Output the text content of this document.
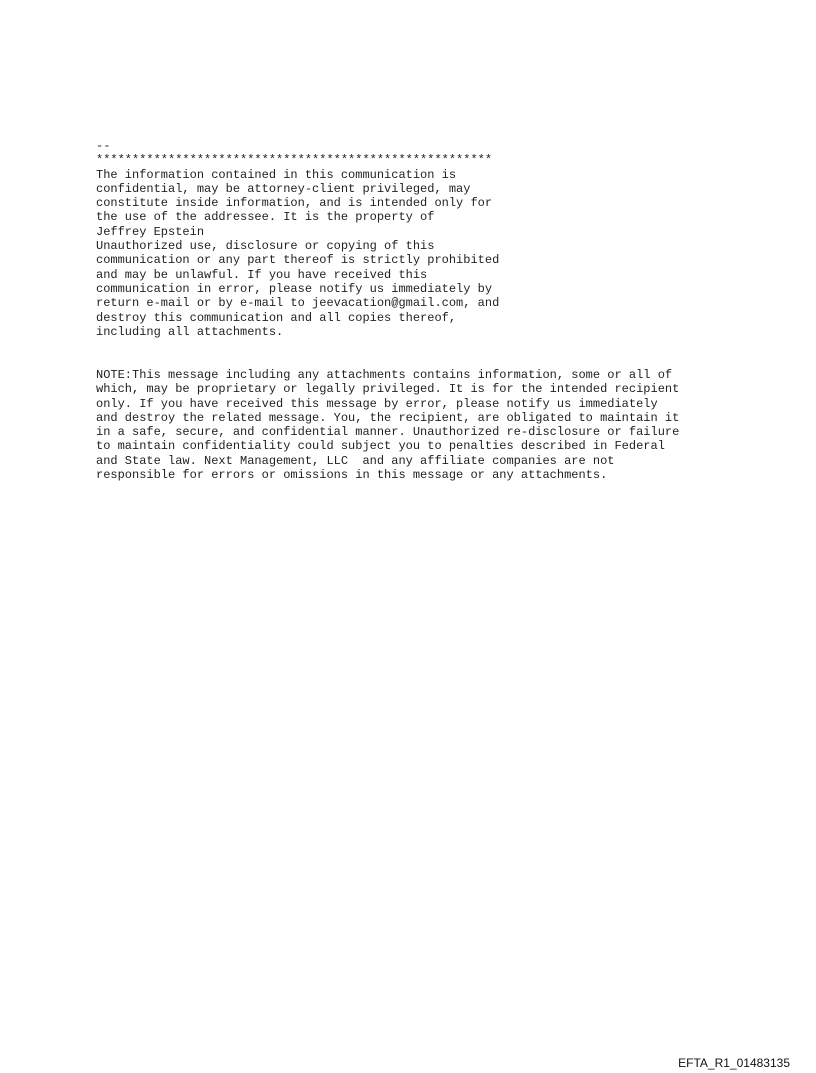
--
*******************************************************
The information contained in this communication is
confidential, may be attorney-client privileged, may
constitute inside information, and is intended only for
the use of the addressee. It is the property of
Jeffrey Epstein
Unauthorized use, disclosure or copying of this
communication or any part thereof is strictly prohibited
and may be unlawful. If you have received this
communication in error, please notify us immediately by
return e-mail or by e-mail to jeevacation@gmail.com, and
destroy this communication and all copies thereof,
including all attachments.
NOTE:This message including any attachments contains information, some or all of
which, may be proprietary or legally privileged. It is for the intended recipient
only. If you have received this message by error, please notify us immediately
and destroy the related message. You, the recipient, are obligated to maintain it
in a safe, secure, and confidential manner. Unauthorized re-disclosure or failure
to maintain confidentiality could subject you to penalties described in Federal
and State law. Next Management, LLC  and any affiliate companies are not
responsible for errors or omissions in this message or any attachments.
EFTA_R1_01483135
